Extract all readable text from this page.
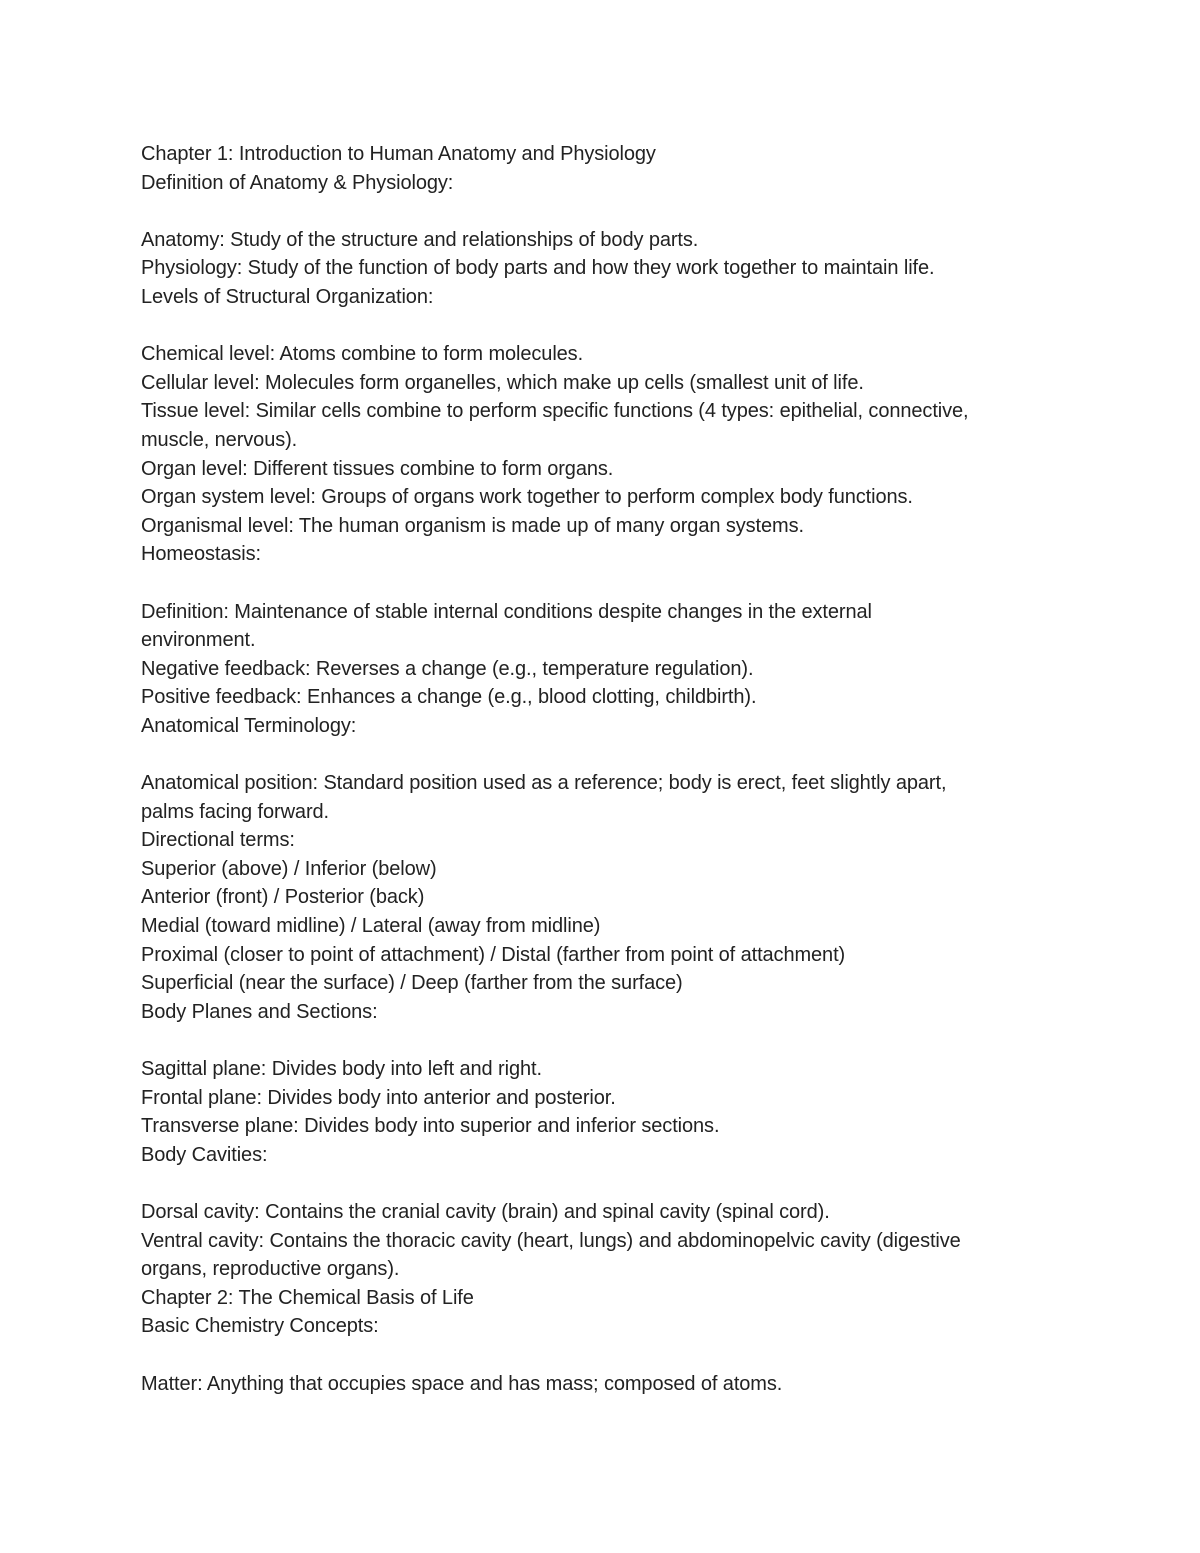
Chapter 1: Introduction to Human Anatomy and Physiology
Definition of Anatomy & Physiology:
Anatomy: Study of the structure and relationships of body parts.
Physiology: Study of the function of body parts and how they work together to maintain life.
Levels of Structural Organization:
Chemical level: Atoms combine to form molecules.
Cellular level: Molecules form organelles, which make up cells (smallest unit of life.
Tissue level: Similar cells combine to perform specific functions (4 types: epithelial, connective,
muscle, nervous).
Organ level: Different tissues combine to form organs.
Organ system level: Groups of organs work together to perform complex body functions.
Organismal level: The human organism is made up of many organ systems.
Homeostasis:
Definition: Maintenance of stable internal conditions despite changes in the external
environment.
Negative feedback: Reverses a change (e.g., temperature regulation).
Positive feedback: Enhances a change (e.g., blood clotting, childbirth).
Anatomical Terminology:
Anatomical position: Standard position used as a reference; body is erect, feet slightly apart,
palms facing forward.
Directional terms:
Superior (above) / Inferior (below)
Anterior (front) / Posterior (back)
Medial (toward midline) / Lateral (away from midline)
Proximal (closer to point of attachment) / Distal (farther from point of attachment)
Superficial (near the surface) / Deep (farther from the surface)
Body Planes and Sections:
Sagittal plane: Divides body into left and right.
Frontal plane: Divides body into anterior and posterior.
Transverse plane: Divides body into superior and inferior sections.
Body Cavities:
Dorsal cavity: Contains the cranial cavity (brain) and spinal cavity (spinal cord).
Ventral cavity: Contains the thoracic cavity (heart, lungs) and abdominopelvic cavity (digestive
organs, reproductive organs).
Chapter 2: The Chemical Basis of Life
Basic Chemistry Concepts:
Matter: Anything that occupies space and has mass; composed of atoms.
